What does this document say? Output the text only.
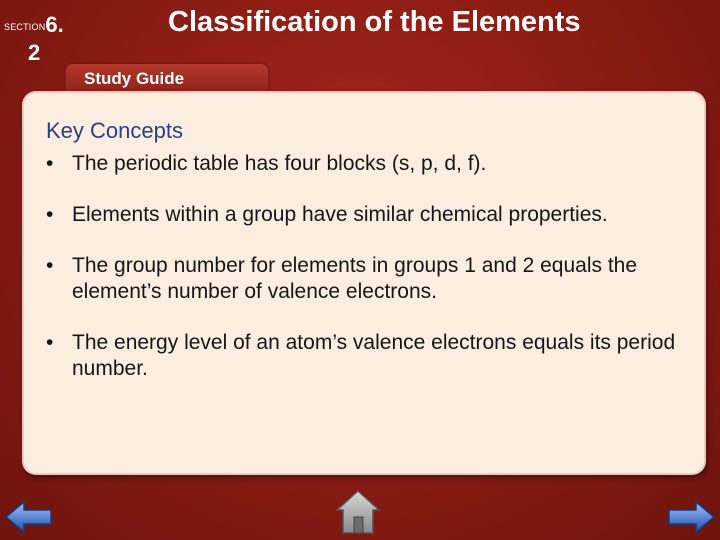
$^{SECTION}$6.
2
Classification of the Elements
Study Guide
Key Concepts
• The periodic table has four blocks (s, p, d, f).
• Elements within a group have similar chemical properties.
• The group number for elements in groups 1 and 2 equals the element’s number of valence electrons.
• The energy level of an atom’s valence electrons equals its period number.
